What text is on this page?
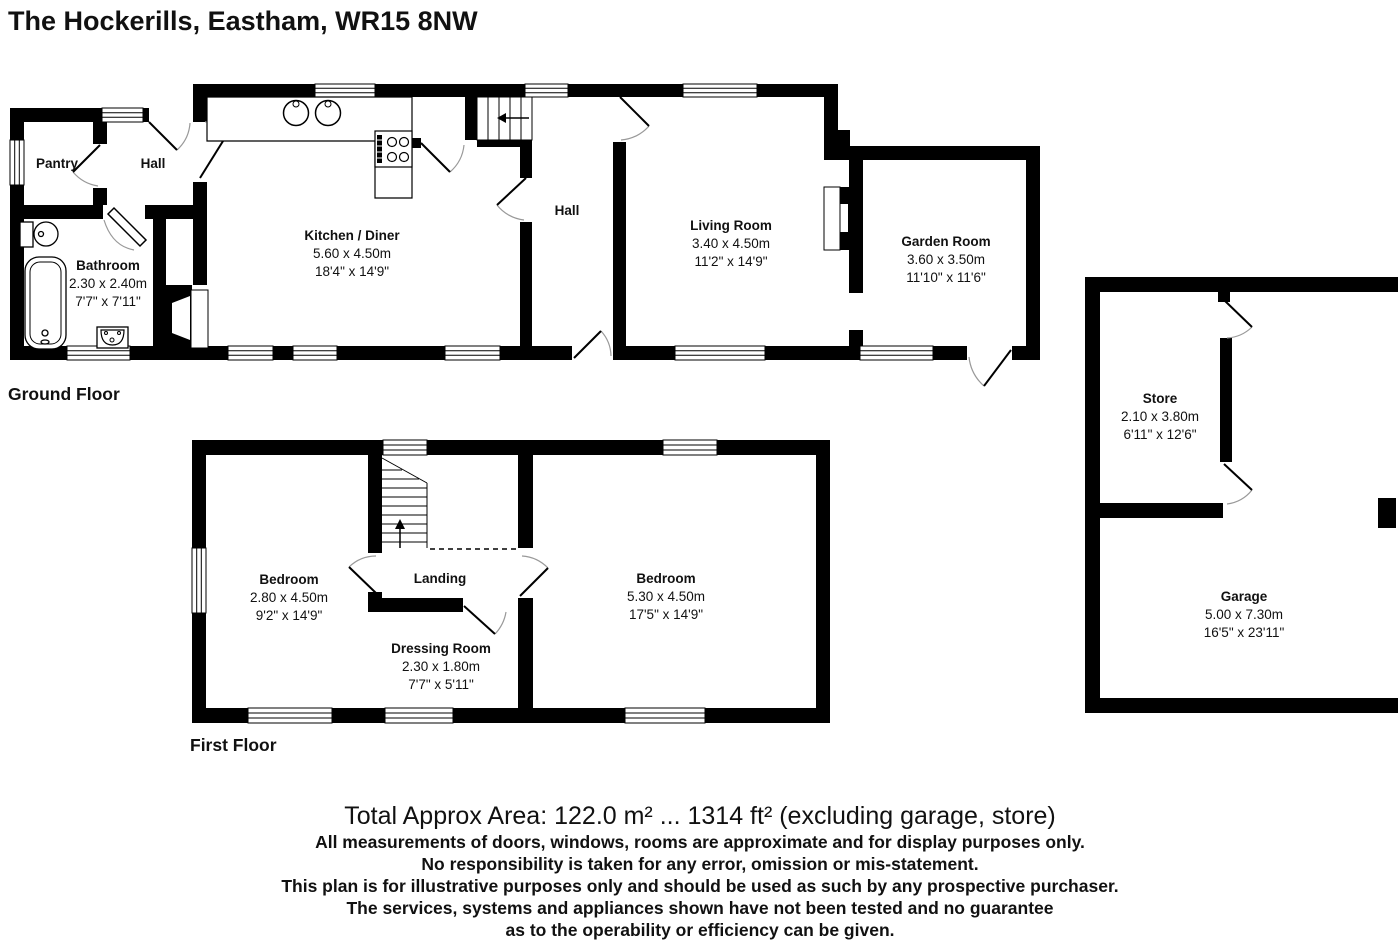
The Hockerills, Eastham, WR15 8NW
Pantry	Hall
Bathroom
2.30 x 2.40m
7'7" x 7'11"
Kitchen / Diner
5.60 x 4.50m
18'4" x 14'9"
Hall
Living Room
3.40 x 4.50m
11'2" x 14'9"
Garden Room
3.60 x 3.50m
11'10" x 11'6"
Ground Floor
Bedroom
2.80 x 4.50m
9'2" x 14'9"
Landing
Dressing Room
2.30 x 1.80m
7'7" x 5'11"
Bedroom
5.30 x 4.50m
17'5" x 14'9"
First Floor
Store
2.10 x 3.80m
6'11" x 12'6"
Garage
5.00 x 7.30m
16'5" x 23'11"
Total Approx Area: 122.0 m² ... 1314 ft² (excluding garage, store)
All measurements of doors, windows, rooms are approximate and for display purposes only.
No responsibility is taken for any error, omission or mis-statement.
This plan is for illustrative purposes only and should be used as such by any prospective purchaser.
The services, systems and appliances shown have not been tested and no guarantee
as to the operability or efficiency can be given.
